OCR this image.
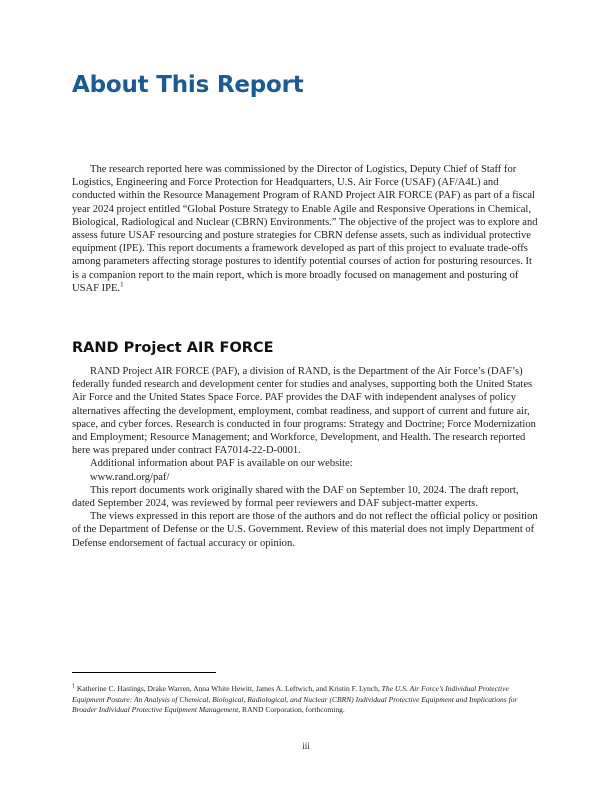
About This Report

The research reported here was commissioned by the Director of Logistics, Deputy Chief of Staff for Logistics, Engineering and Force Protection for Headquarters, U.S. Air Force (USAF) (AF/A4L) and conducted within the Resource Management Program of RAND Project AIR FORCE (PAF) as part of a fiscal year 2024 project entitled “Global Posture Strategy to Enable Agile and Responsive Operations in Chemical, Biological, Radiological and Nuclear (CBRN) Environments.” The objective of the project was to explore and assess future USAF resourcing and posture strategies for CBRN defense assets, such as individual protective equipment (IPE). This report documents a framework developed as part of this project to evaluate trade-offs among parameters affecting storage postures to identify potential courses of action for posturing resources. It is a companion report to the main report, which is more broadly focused on management and posturing of USAF IPE.$^1$

RAND Project AIR FORCE

RAND Project AIR FORCE (PAF), a division of RAND, is the Department of the Air Force’s (DAF’s) federally funded research and development center for studies and analyses, supporting both the United States Air Force and the United States Space Force. PAF provides the DAF with independent analyses of policy alternatives affecting the development, employment, combat readiness, and support of current and future air, space, and cyber forces. Research is conducted in four programs: Strategy and Doctrine; Force Modernization and Employment; Resource Management; and Workforce, Development, and Health. The research reported here was prepared under contract FA7014-22-D-0001.

Additional information about PAF is available on our website:

www.rand.org/paf/

This report documents work originally shared with the DAF on September 10, 2024. The draft report, dated September 2024, was reviewed by formal peer reviewers and DAF subject-matter experts.

The views expressed in this report are those of the authors and do not reflect the official policy or position of the Department of Defense or the U.S. Government. Review of this material does not imply Department of Defense endorsement of factual accuracy or opinion.

$^1$ Katherine C. Hastings, Drake Warren, Anna White Hewitt, James A. Leftwich, and Kristin F. Lynch, The U.S. Air Force’s Individual Protective Equipment Posture: An Analysis of Chemical, Biological, Radiological, and Nuclear (CBRN) Individual Protective Equipment and Implications for Broader Individual Protective Equipment Management, RAND Corporation, forthcoming.

iii
